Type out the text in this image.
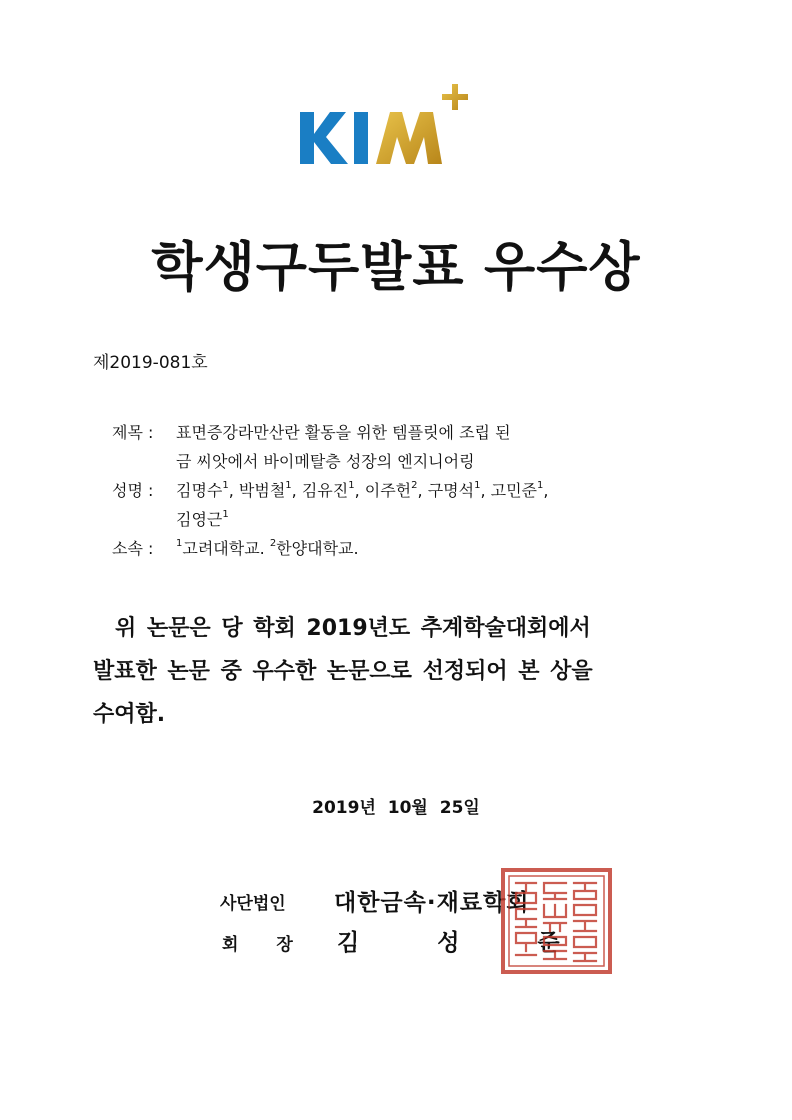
학생구두발표 우수상
제2019-081호
제목 :	표면증강라만산란 활동을 위한 템플릿에 조립 된
금 씨앗에서 바이메탈층 성장의 엔지니어링
성명 :	김명수$^1$, 박범철$^1$, 김유진$^1$, 이주헌$^2$, 구명석$^1$, 고민준$^1$,
김영근$^1$
소속 :	$^1$고려대학교. $^2$한양대학교.
위 논문은 당 학회 2019년도 추계학술대회에서
발표한 논문 중 우수한 논문으로 선정되어 본 상을
수여함.
2019년 10월 25일
사단법인 대한금속·재료학회
회장 김성준
